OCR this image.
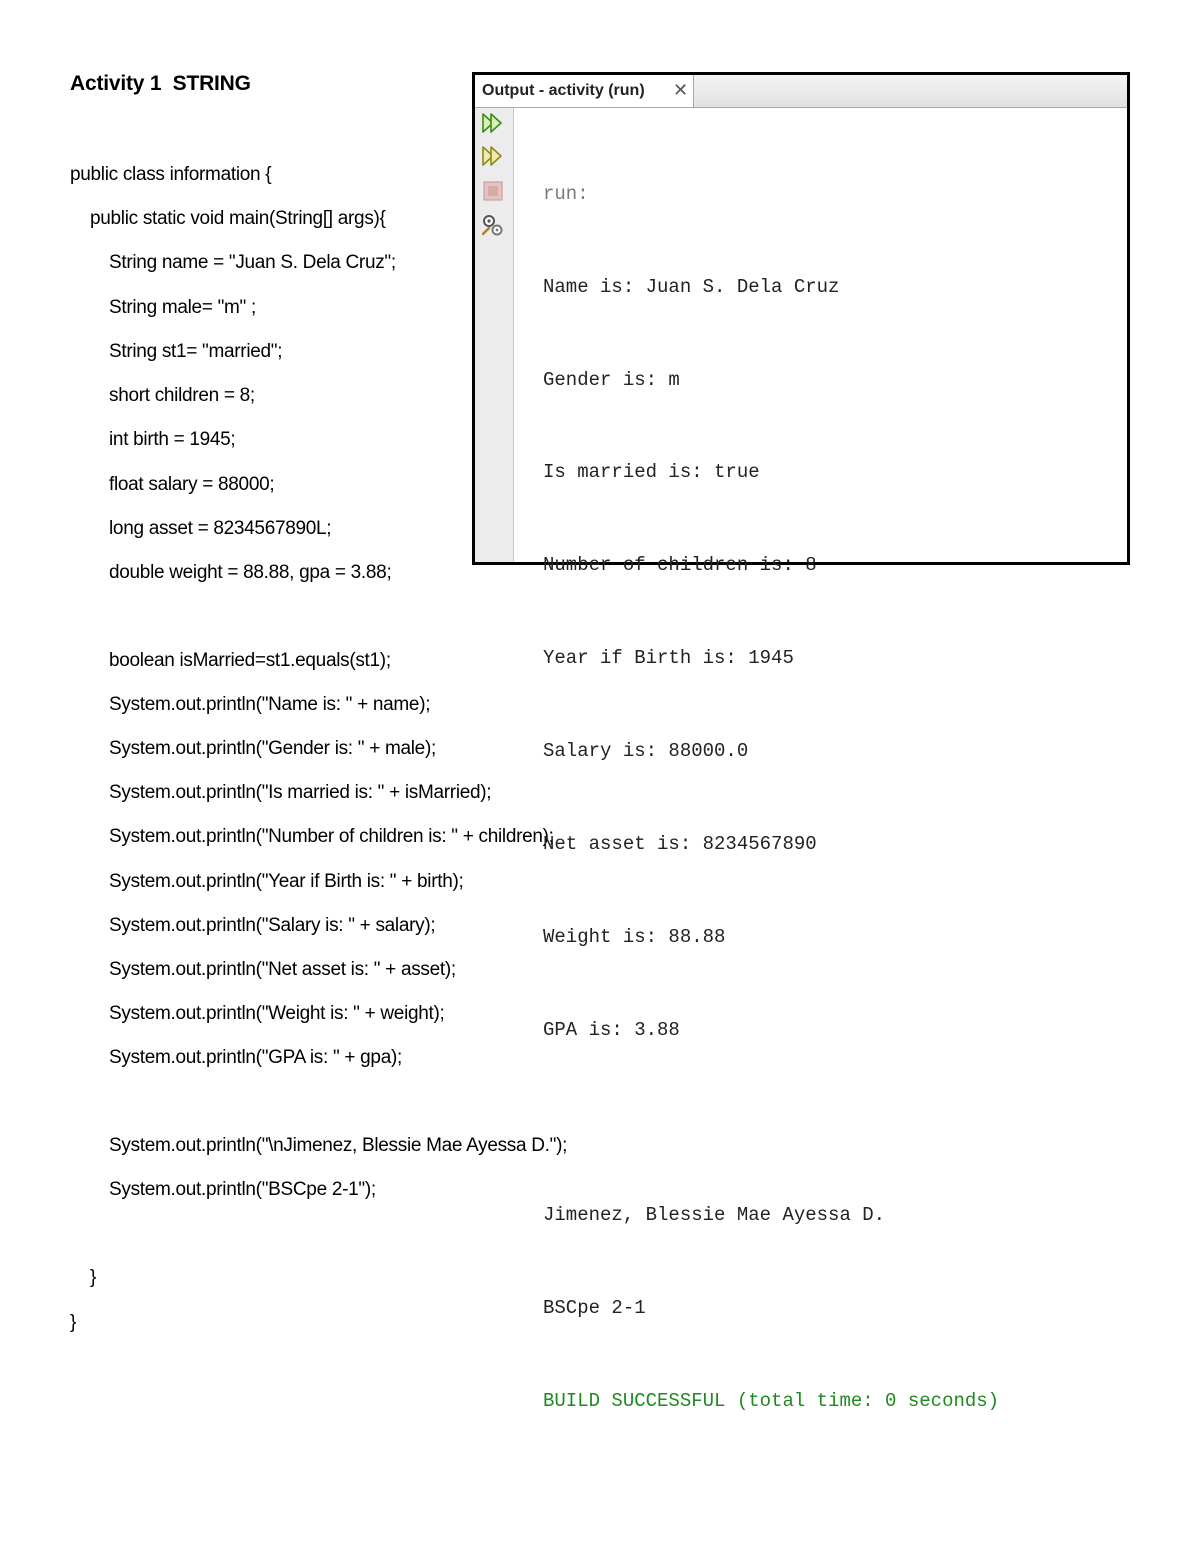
Activity 1  STRING
public class information {
public static void main(String[] args){
String name = "Juan S. Dela Cruz";
String male= "m" ;
String st1= "married";
short children = 8;
int birth = 1945;
float salary = 88000;
long asset = 8234567890L;
double weight = 88.88, gpa = 3.88;
boolean isMarried=st1.equals(st1);
System.out.println("Name is: " + name);
System.out.println("Gender is: " + male);
System.out.println("Is married is: " + isMarried);
System.out.println("Number of children is: " + children);
System.out.println("Year if Birth is: " + birth);
System.out.println("Salary is: " + salary);
System.out.println("Net asset is: " + asset);
System.out.println("Weight is: " + weight);
System.out.println("GPA is: " + gpa);
System.out.println("\nJimenez, Blessie Mae Ayessa D.");
System.out.println("BSCpe 2-1");
}
}
Output - activity (run) ✕

run:

Name is: Juan S. Dela Cruz

Gender is: m

Is married is: true

Number of children is: 8

Year if Birth is: 1945

Salary is: 88000.0

Net asset is: 8234567890

Weight is: 88.88

GPA is: 3.88

Jimenez, Blessie Mae Ayessa D.

BSCpe 2-1

BUILD SUCCESSFUL (total time: 0 seconds)
